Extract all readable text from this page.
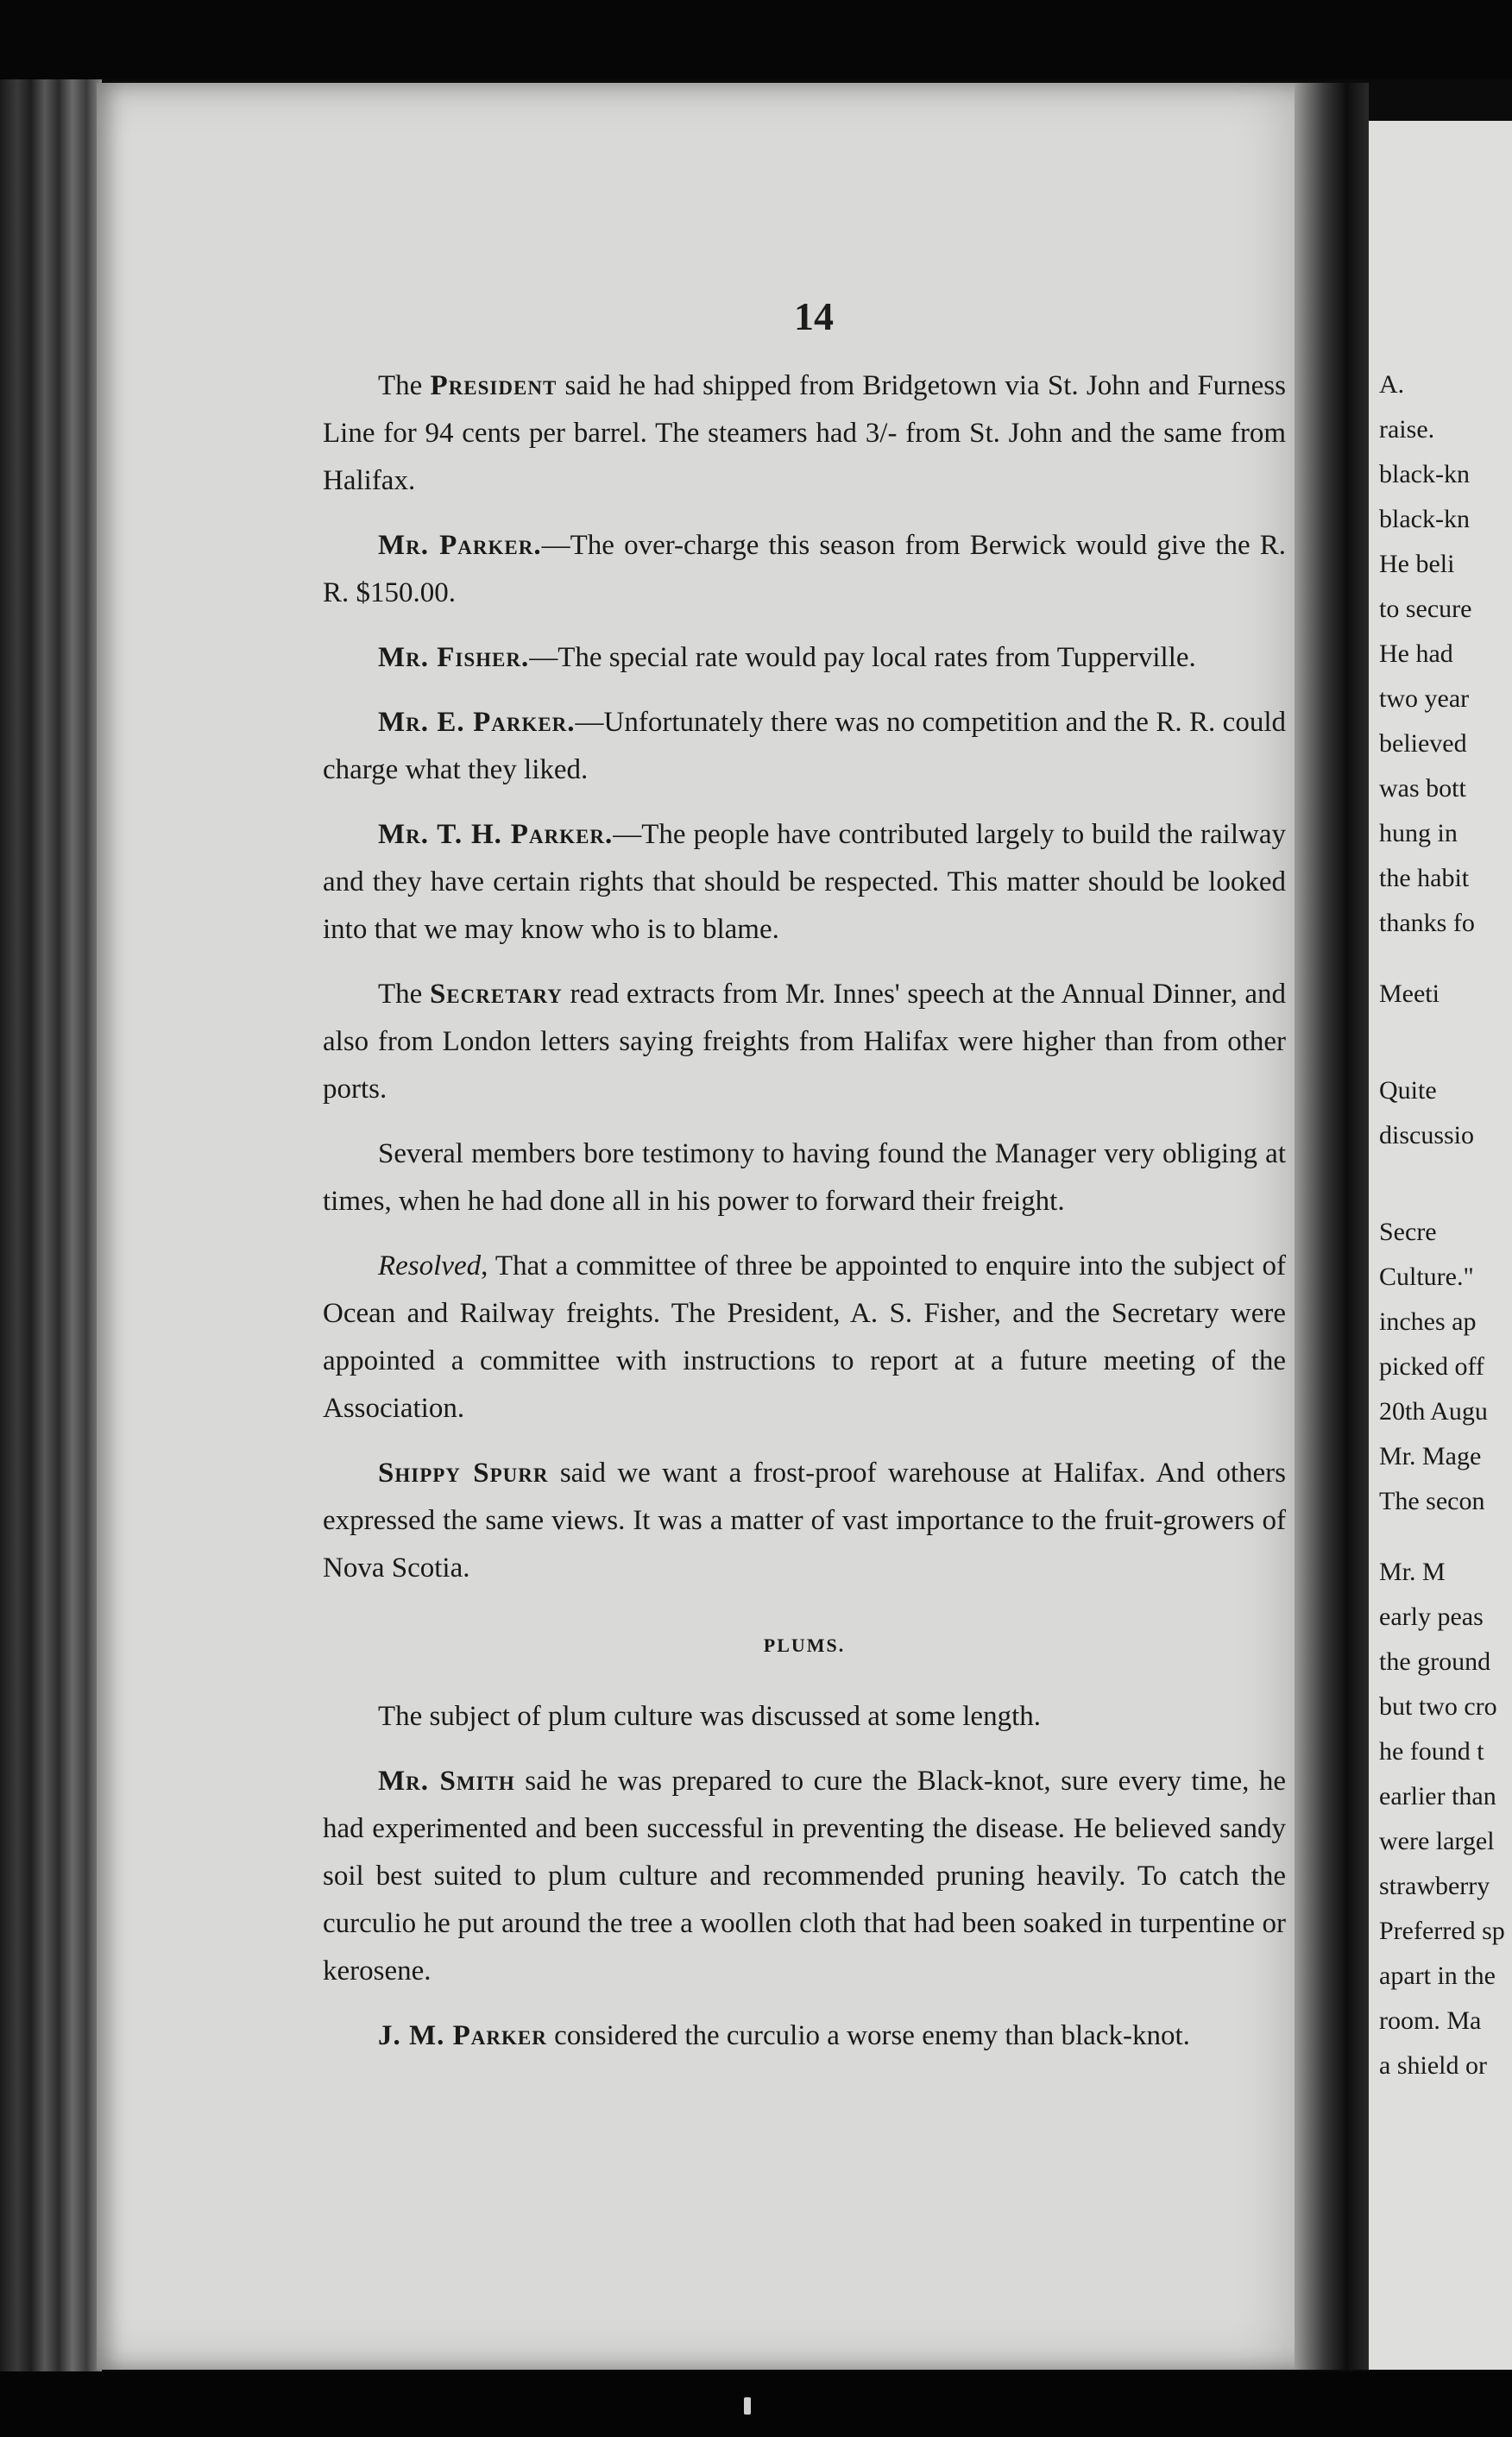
A.
raise.
black-kn
black-kn
He beli
to secure
He had
two year
believed
was bott
hung in
the habit
thanks fo
Meeti
Quite
discussio
Secre
Culture."
inches ap
picked off
20th Augu
Mr. Mage
The secon
Mr. M
early peas
the ground
but two cro
he found t
earlier than
were largel
strawberry
Preferred sp
apart in the
room. Ma
a shield or
14

The President said he had shipped from Bridgetown via St. John and Furness Line for 94 cents per barrel. The steamers had 3/- from St. John and the same from Halifax.

Mr. Parker.—The over-charge this season from Berwick would give the R. R. $150.00.

Mr. Fisher.—The special rate would pay local rates from Tupperville.

Mr. E. Parker.—Unfortunately there was no competition and the R. R. could charge what they liked.

Mr. T. H. Parker.—The people have contributed largely to build the railway and they have certain rights that should be respected. This matter should be looked into that we may know who is to blame.

The Secretary read extracts from Mr. Innes' speech at the Annual Dinner, and also from London letters saying freights from Halifax were higher than from other ports.

Several members bore testimony to having found the Manager very obliging at times, when he had done all in his power to forward their freight.

Resolved, That a committee of three be appointed to enquire into the subject of Ocean and Railway freights. The President, A. S. Fisher, and the Secretary were appointed a committee with instructions to report at a future meeting of the Association.

Shippy Spurr said we want a frost-proof warehouse at Halifax. And others expressed the same views. It was a matter of vast importance to the fruit-growers of Nova Scotia.

PLUMS.

The subject of plum culture was discussed at some length.

Mr. Smith said he was prepared to cure the Black-knot, sure every time, he had experimented and been successful in preventing the disease. He believed sandy soil best suited to plum culture and recommended pruning heavily. To catch the curculio he put around the tree a woollen cloth that had been soaked in turpentine or kerosene.

J. M. Parker considered the curculio a worse enemy than black-knot.
